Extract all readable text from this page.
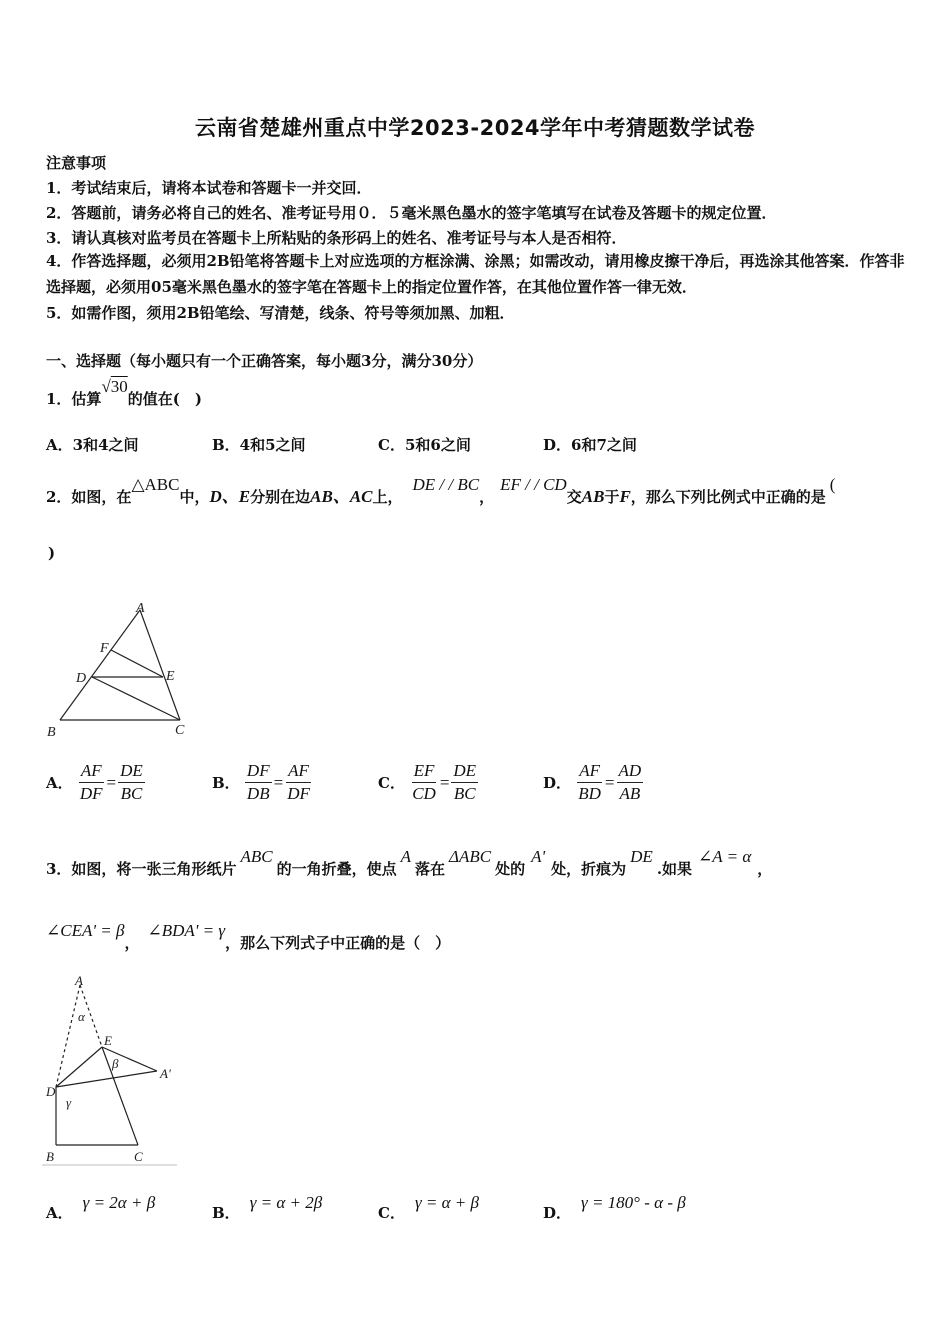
云南省楚雄州重点中学2023-2024学年中考猜题数学试卷
注意事项
1．考试结束后，请将本试卷和答题卡一并交回．
2．答题前，请务必将自己的姓名、准考证号用０．５毫米黑色墨水的签字笔填写在试卷及答题卡的规定位置．
3．请认真核对监考员在答题卡上所粘贴的条形码上的姓名、准考证号与本人是否相符．
4．作答选择题，必须用2B铅笔将答题卡上对应选项的方框涂满、涂黑；如需改动，请用橡皮擦干净后，再选涂其他答案．作答非选择题，必须用05毫米黑色墨水的签字笔在答题卡上的指定位置作答，在其他位置作答一律无效．
5．如需作图，须用2B铅笔绘、写清楚，线条、符号等须加黑、加粗．
一、选择题（每小题只有一个正确答案，每小题3分，满分30分）
1．估算√30的值在(　)
A．3和4之间	B．4和5之间	C．5和6之间	D．6和7之间
2．如图，在△ABC中，D、E分别在边AB、AC上，DE / / BC，EF / / CD交AB于F，那么下列比例式中正确的是(
)
A
F
D	E
B	C
A． $\frac{AF}{DF} = \frac{DE}{BC}$	B． $\frac{DF}{DB} = \frac{AF}{DF}$	C． $\frac{EF}{CD} = \frac{DE}{BC}$	D． $\frac{AF}{BD} = \frac{AD}{AB}$
3．如图，将一张三角形纸片ABC的一角折叠，使点A落在ΔABC处的A'处，折痕为DE.如果∠A = α，
∠CEA' = β，∠BDA' = γ，那么下列式子中正确的是（　）
A
α
E
β
A'
D
γ
B	C
A．γ = 2α + β
B．γ = α + 2β
C．γ = α + β
D．γ = 180° - α - β
